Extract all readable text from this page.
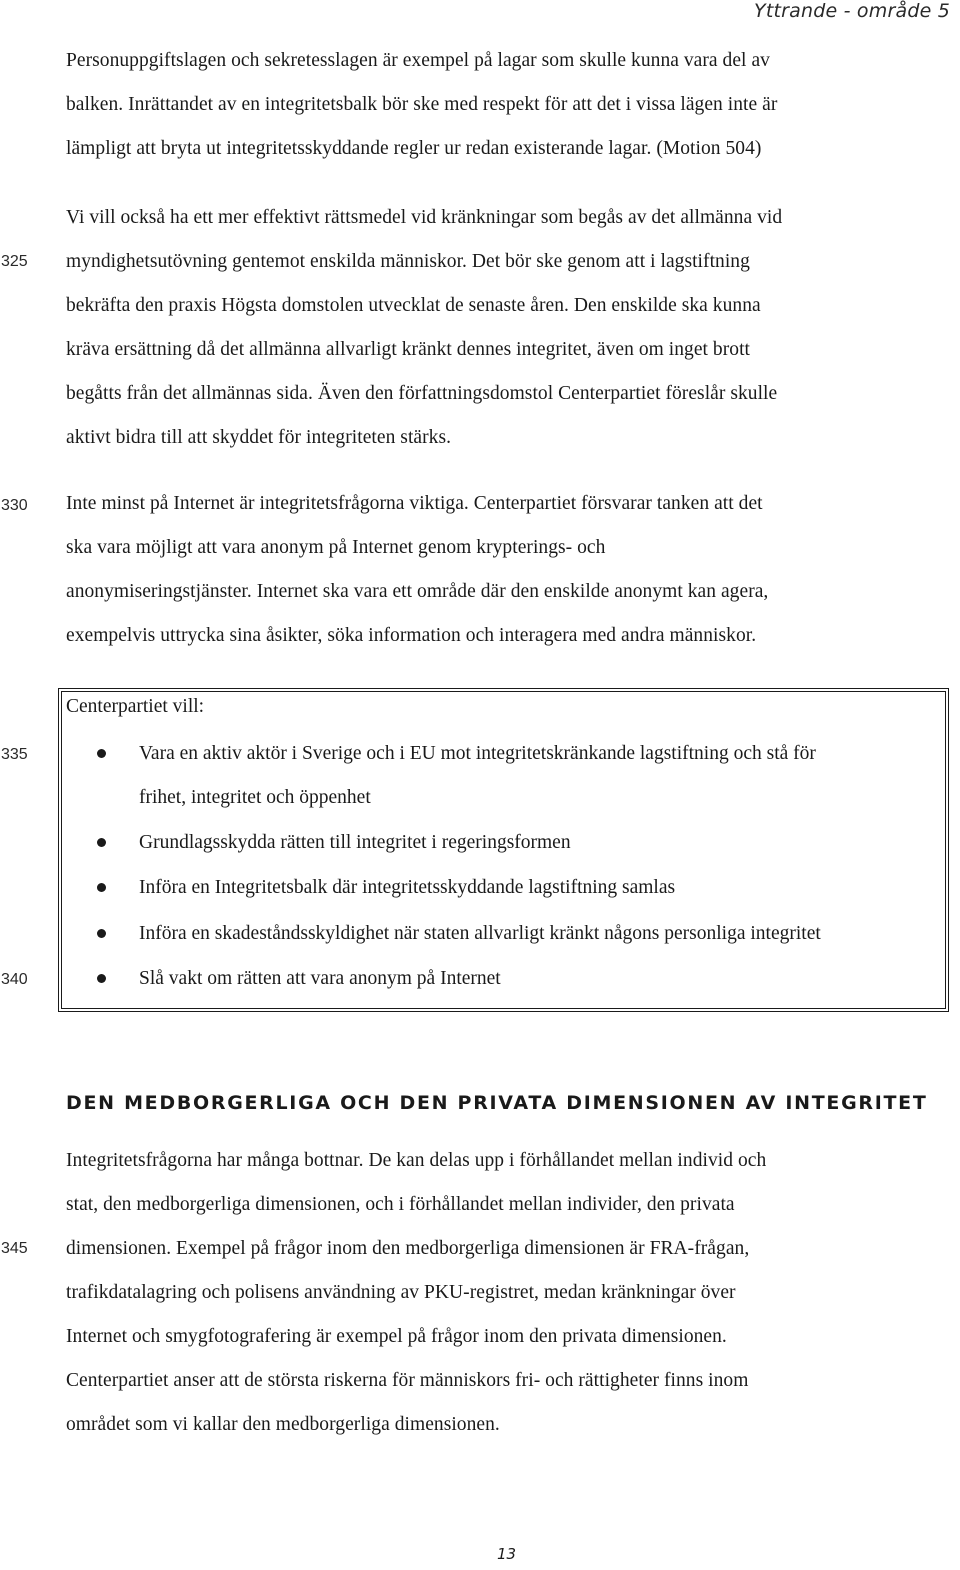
Yttrande - område 5
Personuppgiftslagen och sekretesslagen är exempel på lagar som skulle kunna vara del av
balken. Inrättandet av en integritetsbalk bör ske med respekt för att det i vissa lägen inte är
lämpligt att bryta ut integritetsskyddande regler ur redan existerande lagar. (Motion 504)
Vi vill också ha ett mer effektivt rättsmedel vid kränkningar som begås av det allmänna vid
myndighetsutövning gentemot enskilda människor. Det bör ske genom att i lagstiftning
bekräfta den praxis Högsta domstolen utvecklat de senaste åren. Den enskilde ska kunna
kräva ersättning då det allmänna allvarligt kränkt dennes integritet, även om inget brott
begåtts från det allmännas sida. Även den författningsdomstol Centerpartiet föreslår skulle
aktivt bidra till att skyddet för integriteten stärks.
Inte minst på Internet är integritetsfrågorna viktiga. Centerpartiet försvarar tanken att det
ska vara möjligt att vara anonym på Internet genom krypterings- och
anonymiseringstjänster. Internet ska vara ett område där den enskilde anonymt kan agera,
exempelvis uttrycka sina åsikter, söka information och interagera med andra människor.
325
330
335
340
345
Centerpartiet vill:
Vara en aktiv aktör i Sverige och i EU mot integritetskränkande lagstiftning och stå för
frihet, integritet och öppenhet
Grundlagsskydda rätten till integritet i regeringsformen
Införa en Integritetsbalk där integritetsskyddande lagstiftning samlas
Införa en skadeståndsskyldighet när staten allvarligt kränkt någons personliga integritet
Slå vakt om rätten att vara anonym på Internet
DEN MEDBORGERLIGA OCH DEN PRIVATA DIMENSIONEN AV INTEGRITET
Integritetsfrågorna har många bottnar. De kan delas upp i förhållandet mellan individ och
stat, den medborgerliga dimensionen, och i förhållandet mellan individer, den privata
dimensionen. Exempel på frågor inom den medborgerliga dimensionen är FRA-frågan,
trafikdatalagring och polisens användning av PKU-registret, medan kränkningar över
Internet och smygfotografering är exempel på frågor inom den privata dimensionen.
Centerpartiet anser att de största riskerna för människors fri- och rättigheter finns inom
området som vi kallar den medborgerliga dimensionen.
13
